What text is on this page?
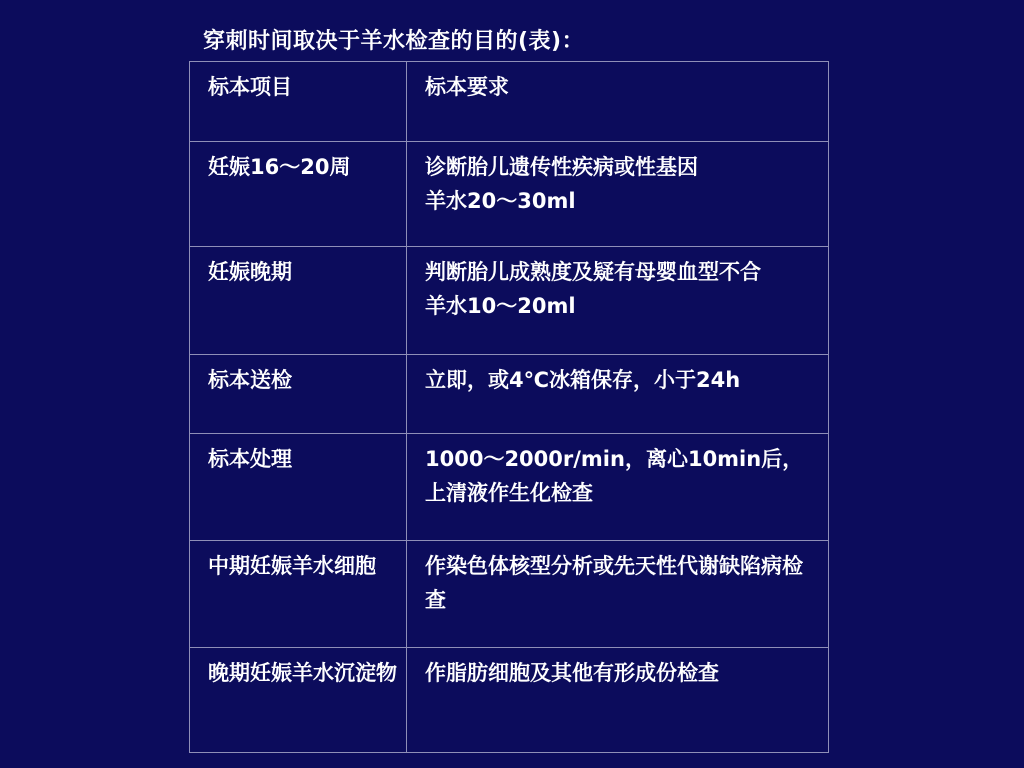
穿刺时间取决于羊水检查的目的(表)：
标本项目	标本要求

妊娠16～20周	诊断胎儿遗传性疾病或性基因
羊水20～30ml

妊娠晚期	判断胎儿成熟度及疑有母婴血型不合
羊水10～20ml

标本送检	立即，或4℃冰箱保存，小于24h

标本处理	1000～2000r/min，离心10min后，上清液作生化检查

中期妊娠羊水细胞	作染色体核型分析或先天性代谢缺陷病检查

晚期妊娠羊水沉淀物	作脂肪细胞及其他有形成份检查
